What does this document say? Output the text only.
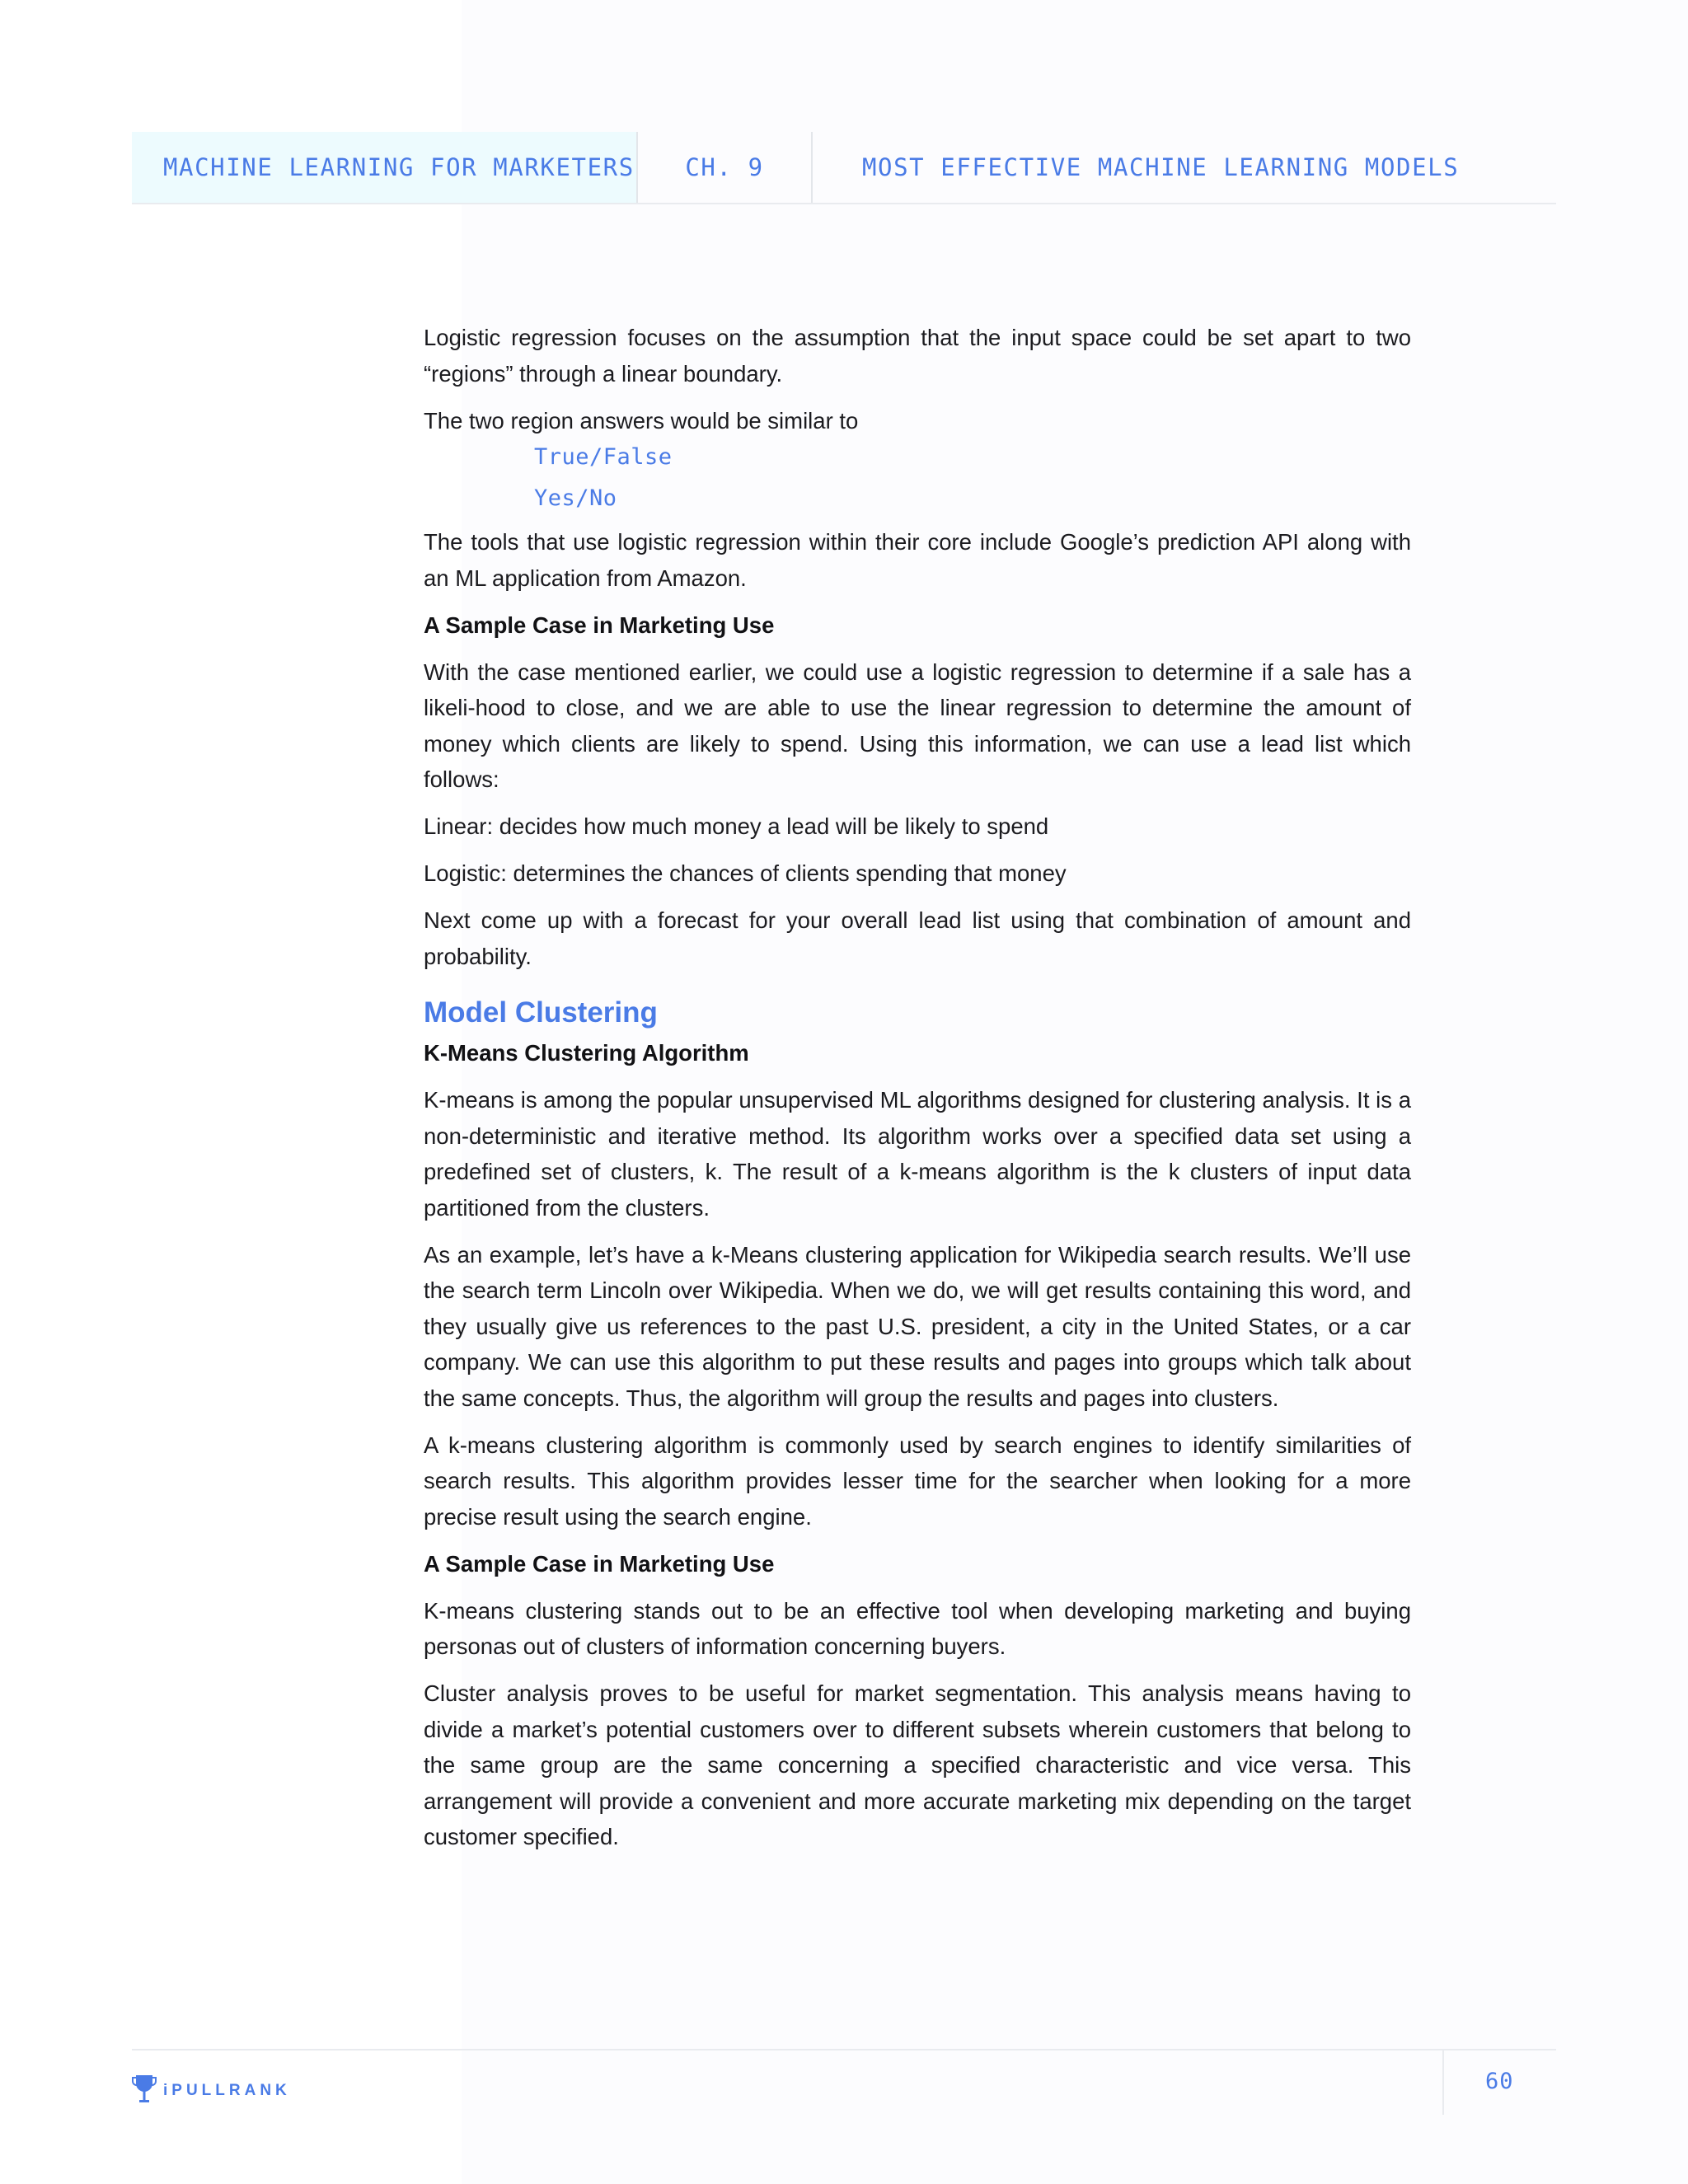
MACHINE LEARNING FOR MARKETERS	CH. 9	MOST EFFECTIVE MACHINE LEARNING MODELS

Logistic regression focuses on the assumption that the input space could be set apart to two “regions” through a linear boundary.

The two region answers would be similar to

True/False
Yes/No

The tools that use logistic regression within their core include Google’s prediction API along with an ML application from Amazon.

A Sample Case in Marketing Use

With the case mentioned earlier, we could use a logistic regression to determine if a sale has a likeli-hood to close, and we are able to use the linear regression to determine the amount of money which clients are likely to spend. Using this information, we can use a lead list which follows:

Linear: decides how much money a lead will be likely to spend

Logistic: determines the chances of clients spending that money

Next come up with a forecast for your overall lead list using that combination of amount and probability.

Model Clustering
K-Means Clustering Algorithm

K-means is among the popular unsupervised ML algorithms designed for clustering analysis. It is a non-deterministic and iterative method. Its algorithm works over a specified data set using a predefined set of clusters, k. The result of a k-means algorithm is the k clusters of input data partitioned from the clusters.

As an example, let’s have a k-Means clustering application for Wikipedia search results. We’ll use the search term Lincoln over Wikipedia. When we do, we will get results containing this word, and they usually give us references to the past U.S. president, a city in the United States, or a car company. We can use this algorithm to put these results and pages into groups which talk about the same concepts. Thus, the algorithm will group the results and pages into clusters.

A k-means clustering algorithm is commonly used by search engines to identify similarities of search results. This algorithm provides lesser time for the searcher when looking for a more precise result using the search engine.

A Sample Case in Marketing Use

K-means clustering stands out to be an effective tool when developing marketing and buying personas out of clusters of information concerning buyers.

Cluster analysis proves to be useful for market segmentation. This analysis means having to divide a market’s potential customers over to different subsets wherein customers that belong to the same group are the same concerning a specified characteristic and vice versa. This arrangement will provide a convenient and more accurate marketing mix depending on the target customer specified.

iPULLRANK	60
